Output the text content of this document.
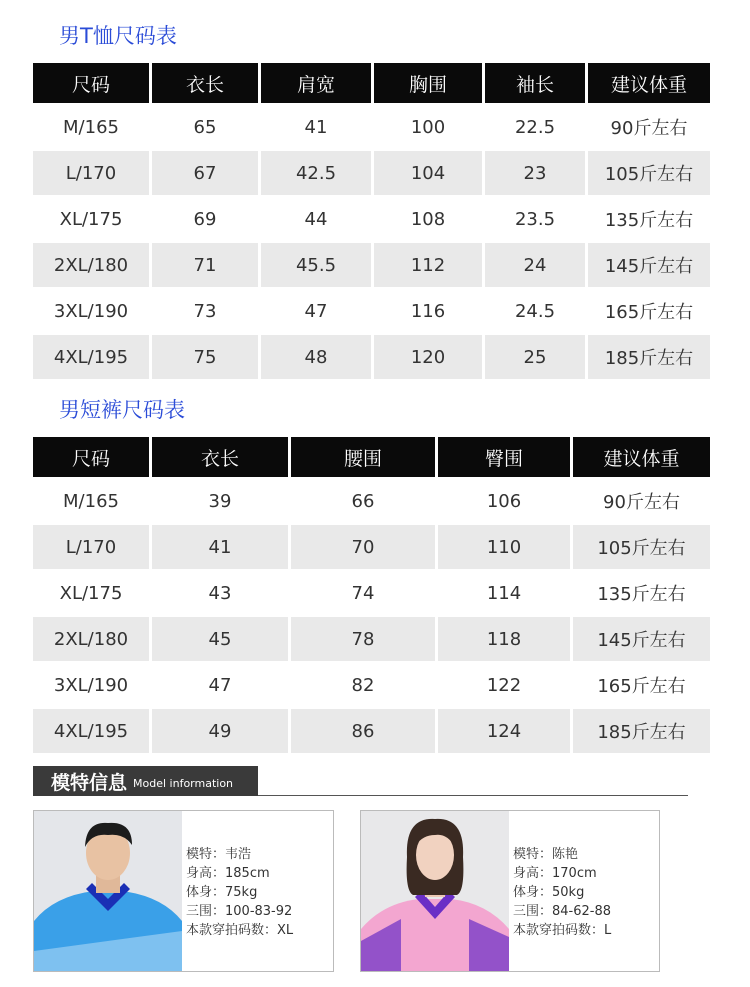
男T恤尺码表
尺码	衣长	肩宽	胸围	袖长	建议体重
M/165	65	41	100	22.5	90斤左右
L/170	67	42.5	104	23	105斤左右
XL/175	69	44	108	23.5	135斤左右
2XL/180	71	45.5	112	24	145斤左右
3XL/190	73	47	116	24.5	165斤左右
4XL/195	75	48	120	25	185斤左右
男短裤尺码表
尺码	衣长	腰围	臀围	建议体重
M/165	39	66	106	90斤左右
L/170	41	70	110	105斤左右
XL/175	43	74	114	135斤左右
2XL/180	45	78	118	145斤左右
3XL/190	47	82	122	165斤左右
4XL/195	49	86	124	185斤左右
模特信息 Model information
模特：韦浩
身高：185cm
体身：75kg
三围：100-83-92
本款穿拍码数：XL
模特：陈艳
身高：170cm
体身：50kg
三围：84-62-88
本款穿拍码数：L
